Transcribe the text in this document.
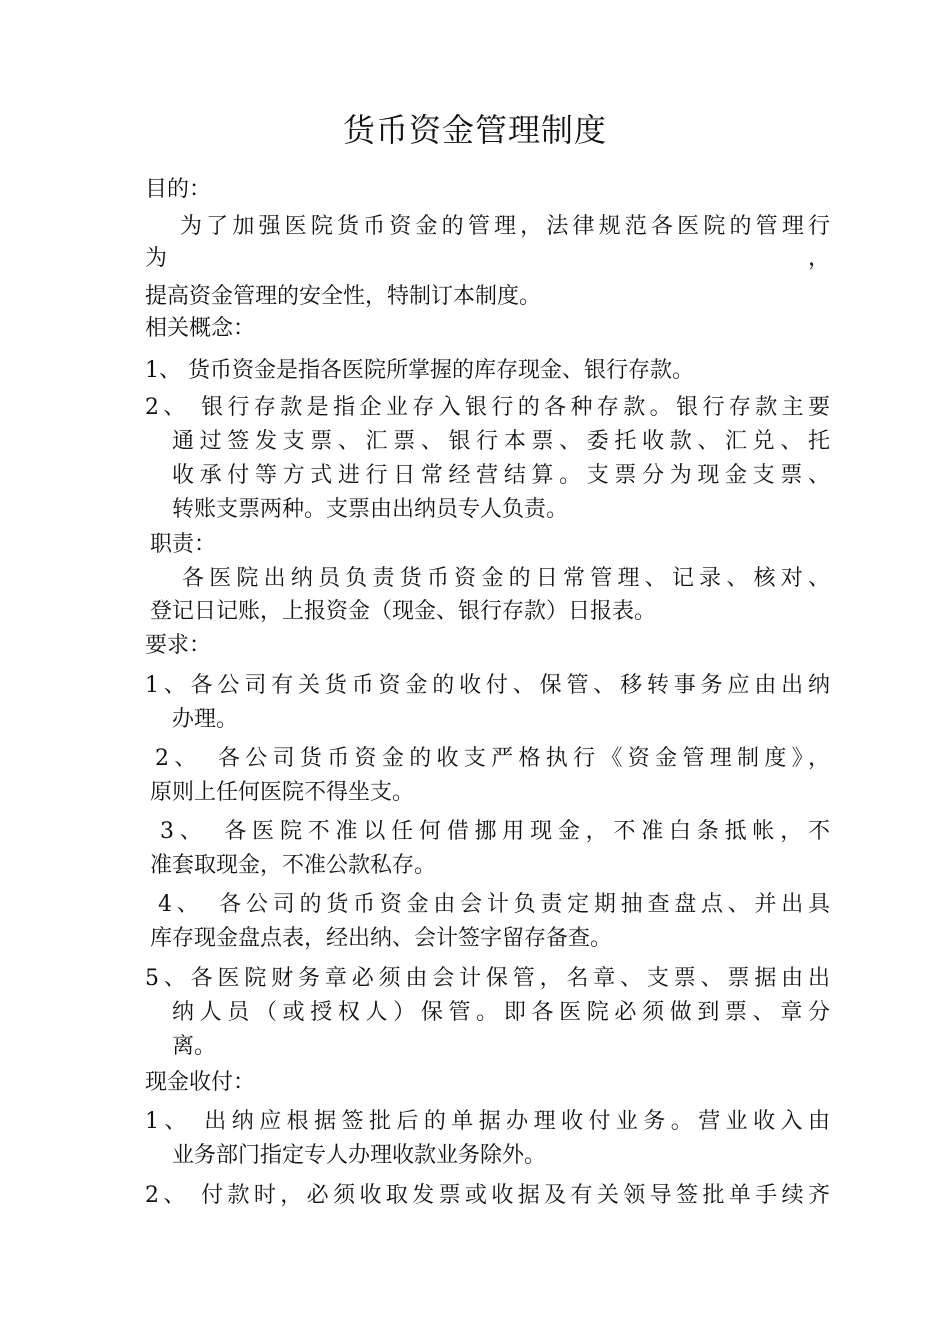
货币资金管理制度
目的：
为了加强医院货币资金的管理，法律规范各医院的管理行
为	，
提高资金管理的安全性，特制订本制度。
相关概念：
1、 货币资金是指各医院所掌握的库存现金、银行存款。
2、 银行存款是指企业存入银行的各种存款。银行存款主要
通过签发支票、汇票、银行本票、委托收款、汇兑、托
收承付等方式进行日常经营结算。支票分为现金支票、
转账支票两种。支票由出纳员专人负责。
职责：
各医院出纳员负责货币资金的日常管理、记录、核对、
登记日记账，上报资金（现金、银行存款）日报表。
要求：
1、各公司有关货币资金的收付、保管、移转事务应由出纳
办理。
2、　各公司货币资金的收支严格执行《资金管理制度》，
原则上任何医院不得坐支。
3、　各医院不准以任何借挪用现金，不准白条抵帐，不
准套取现金，不准公款私存。
4、　各公司的货币资金由会计负责定期抽查盘点、并出具
库存现金盘点表，经出纳、会计签字留存备查。
5、各医院财务章必须由会计保管，名章、支票、票据由出
纳人员（或授权人）保管。即各医院必须做到票、章分
离。
现金收付：
1、 出纳应根据签批后的单据办理收付业务。营业收入由
业务部门指定专人办理收款业务除外。
2、 付款时，必须收取发票或收据及有关领导签批单手续齐
